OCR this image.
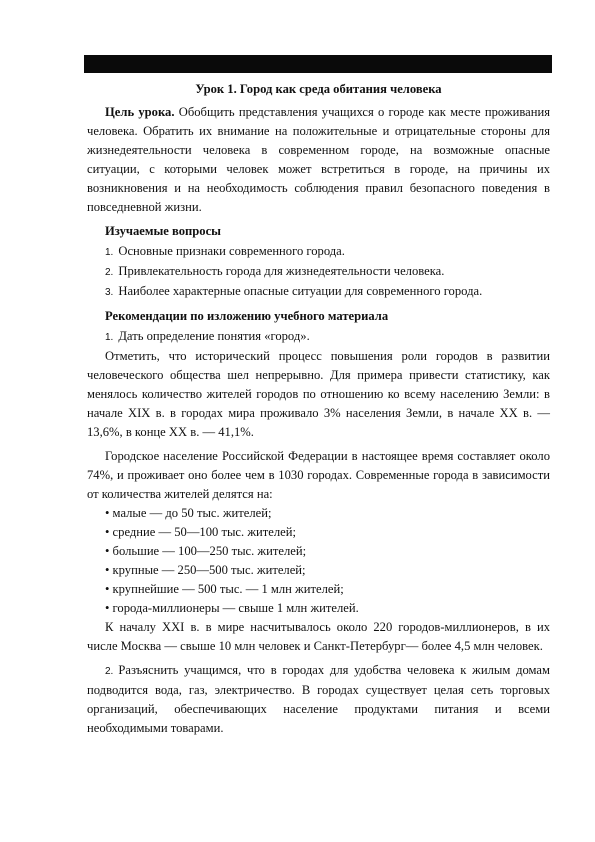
Урок 1. Город как среда обитания человека

Цель урока. Обобщить представления учащихся о городе как месте проживания человека. Обратить их внимание на положительные и отрицательные стороны для жизнедеятельности человека в современном городе, на возможные опасные ситуации, с которыми человек может встретиться в городе, на причины их возникновения и на необходимость соблюдения правил безопасного поведения в повседневной жизни.

Изучаемые вопросы
1. Основные признаки современного города.
2. Привлекательность города для жизнедеятельности человека.
3. Наиболее характерные опасные ситуации для современного города.
Рекомендации по изложению учебного материала
1. Дать определение понятия «город».

Отметить, что исторический процесс повышения роли городов в развитии человеческого общества шел непрерывно. Для примера привести статистику, как менялось количество жителей городов по отношению ко всему населению Земли: в начале XIX в. в городах мира проживало 3% населения Земли, в начале XX в. — 13,6%, в конце XX в. — 41,1%.

Городское население Российской Федерации в настоящее время составляет около 74%, и проживает оно более чем в 1030 городах. Современные города в зависимости от количества жителей делятся на:

• малые — до 50 тыс. жителей;
• средние — 50—100 тыс. жителей;
• большие — 100—250 тыс. жителей;
• крупные — 250—500 тыс. жителей;
• крупнейшие — 500 тыс. — 1 млн жителей;
• города-миллионеры — свыше 1 млн жителей.

К началу XXI в. в мире насчитывалось около 220 городов-миллионеров, в их числе Москва — свыше 10 млн человек и Санкт-Петербург— более 4,5 млн человек.

2. Разъяснить учащимся, что в городах для удобства человека к жилым домам подводится вода, газ, электричество. В городах существует целая сеть торговых организаций, обеспечивающих население продуктами питания и всеми необходимыми товарами.
